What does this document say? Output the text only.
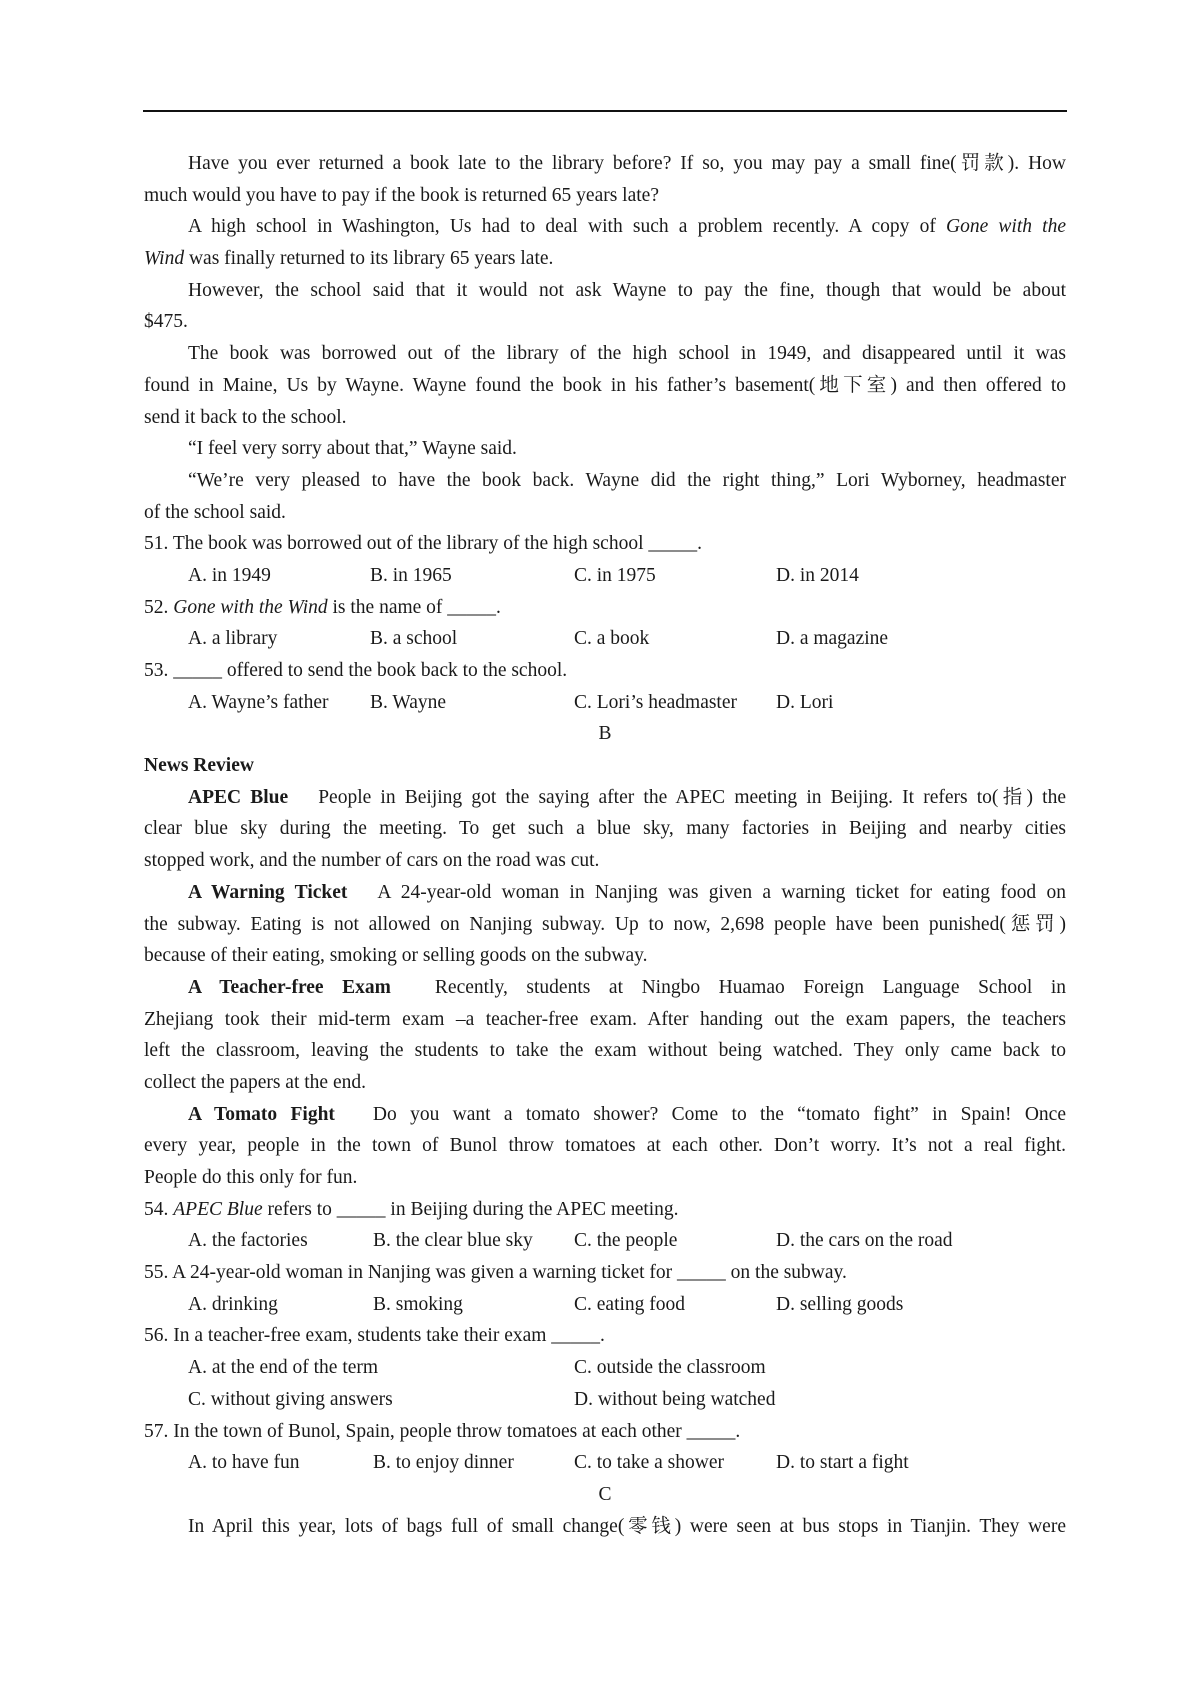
Have you ever returned a book late to the library before? If so, you may pay a small fine(罚款). How
much would you have to pay if the book is returned 65 years late?
A high school in Washington, Us had to deal with such a problem recently. A copy of Gone with the
Wind was finally returned to its library 65 years late.
However, the school said that it would not ask Wayne to pay the fine, though that would be about
$475.
The book was borrowed out of the library of the high school in 1949, and disappeared until it was
found in Maine, Us by Wayne. Wayne found the book in his father’s basement(地下室) and then offered to
send it back to the school.
“I feel very sorry about that,” Wayne said.
“We’re very pleased to have the book back. Wayne did the right thing,” Lori Wyborney, headmaster
of the school said.
51. The book was borrowed out of the library of the high school _____.
A. in 1949	B. in 1965	C. in 1975	D. in 2014
52. Gone with the Wind is the name of _____.
A. a library	B. a school	C. a book	D. a magazine
53. _____ offered to send the book back to the school.
A. Wayne’s father B. Wayne	C. Lori’s headmaster D. Lori
B
News Review
APEC Blue People in Beijing got the saying after the APEC meeting in Beijing. It refers to(指) the
clear blue sky during the meeting. To get such a blue sky, many factories in Beijing and nearby cities
stopped work, and the number of cars on the road was cut.
A Warning Ticket A 24-year-old woman in Nanjing was given a warning ticket for eating food on
the subway. Eating is not allowed on Nanjing subway. Up to now, 2,698 people have been punished(惩罚)
because of their eating, smoking or selling goods on the subway.
A Teacher-free Exam Recently, students at Ningbo Huamao Foreign Language School in
Zhejiang took their mid-term exam –a teacher-free exam. After handing out the exam papers, the teachers
left the classroom, leaving the students to take the exam without being watched. They only came back to
collect the papers at the end.
A Tomato Fight Do you want a tomato shower? Come to the “tomato fight” in Spain! Once
every year, people in the town of Bunol throw tomatoes at each other. Don’t worry. It’s not a real fight.
People do this only for fun.
54. APEC Blue refers to _____ in Beijing during the APEC meeting.
A. the factories	B. the clear blue sky C. the people	D. the cars on the road
55. A 24-year-old woman in Nanjing was given a warning ticket for _____ on the subway.
A. drinking	B. smoking	C. eating food	D. selling goods
56. In a teacher-free exam, students take their exam _____.
A. at the end of the term	C. outside the classroom
C. without giving answers	D. without being watched
57. In the town of Bunol, Spain, people throw tomatoes at each other _____.
A. to have fun	B. to enjoy dinner	C. to take a shower	D. to start a fight
C
In April this year, lots of bags full of small change(零钱) were seen at bus stops in Tianjin. They were
